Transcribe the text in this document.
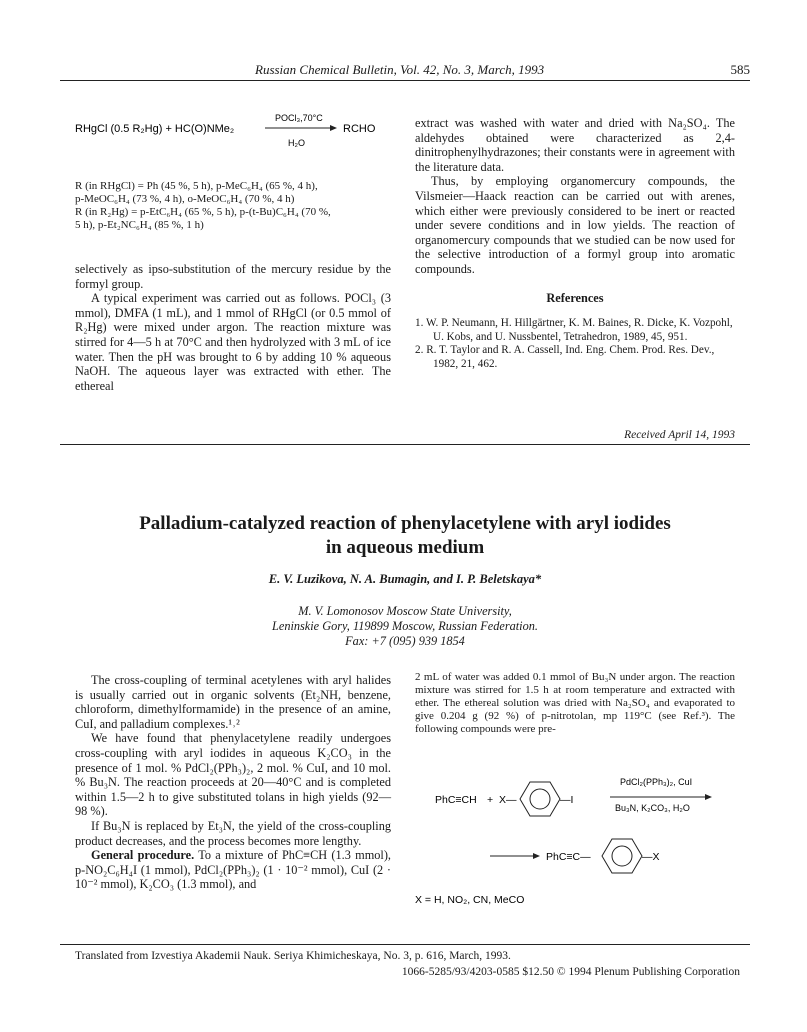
Russian Chemical Bulletin, Vol. 42, No. 3, March, 1993	585
RHgCl (0.5 R₂Hg) + HC(O)NMe₂
POCl₃,70°C
H₂O
RCHO
R (in RHgCl) = Ph (45 %, 5 h), p-MeC₆H₄ (65 %, 4 h),
p-MeOC₆H₄ (73 %, 4 h), o-MeOC₆H₄ (70 %, 4 h)
R (in R₂Hg) = p-EtC₆H₄ (65 %, 5 h), p-(t-Bu)C₆H₄ (70 %,
5 h), p-Et₂NC₆H₄ (85 %, 1 h)

selectively as ipso-substitution of the mercury residue by the formyl group.

A typical experiment was carried out as follows. POCl₃ (3 mmol), DMFA (1 mL), and 1 mmol of RHgCl (or 0.5 mmol of R₂Hg) were mixed under argon. The reaction mixture was stirred for 4—5 h at 70°C and then hydrolyzed with 3 mL of ice water. Then the pH was brought to 6 by adding 10 % aqueous NaOH. The aqueous layer was extracted with ether. The ethereal

extract was washed with water and dried with Na₂SO₄. The aldehydes obtained were characterized as 2,4-dinitrophenylhydrazones; their constants were in agreement with the literature data.

Thus, by employing organomercury compounds, the Vilsmeier—Haack reaction can be carried out with arenes, which either were previously considered to be inert or reacted under severe conditions and in low yields. The reaction of organomercury compounds that we studied can be now used for the selective introduction of a formyl group into aromatic compounds.

References

1. W. P. Neumann, H. Hillgärtner, K. M. Baines, R. Dicke, K. Vozpohl, U. Kobs, and U. Nussbentel, Tetrahedron, 1989, 45, 951.

2. R. T. Taylor and R. A. Cassell, Ind. Eng. Chem. Prod. Res. Dev., 1982, 21, 462.

Received April 14, 1993
Palladium-catalyzed reaction of phenylacetylene with aryl iodides
in aqueous medium
E. V. Luzikova, N. A. Bumagin, and I. P. Beletskaya*
M. V. Lomonosov Moscow State University,
Leninskie Gory, 119899 Moscow, Russian Federation.
Fax: +7 (095) 939 1854

The cross-coupling of terminal acetylenes with aryl halides is usually carried out in organic solvents (Et₂NH, benzene, chloroform, dimethylformamide) in the presence of an amine, CuI, and palladium complexes.¹˒²

We have found that phenylacetylene readily undergoes cross-coupling with aryl iodides in aqueous K₂CO₃ in the presence of 1 mol. % PdCl₂(PPh₃)₂, 2 mol. % CuI, and 10 mol. % Bu₃N. The reaction proceeds at 20—40°C and is completed within 1.5—2 h to give substituted tolans in high yields (92—98 %).

If Bu₃N is replaced by Et₃N, the yield of the cross-coupling product decreases, and the process becomes more lengthy.

General procedure. To a mixture of PhC≡CH (1.3 mmol), p-NO₂C₆H₄I (1 mmol), PdCl₂(PPh₃)₂ (1 · 10⁻² mmol), CuI (2 · 10⁻² mmol), K₂CO₃ (1.3 mmol), and

2 mL of water was added 0.1 mmol of Bu₃N under argon. The reaction mixture was stirred for 1.5 h at room temperature and extracted with ether. The ethereal solution was dried with Na₂SO₄ and evaporated to give 0.204 g (92 %) of p-nitrotolan, mp 119°C (see Ref.³). The following compounds were pre-

PhC≡CH + X—	—I
PdCl₂(PPh₃)₂, CuI
Bu₃N, K₂CO₃, H₂O
PhC≡C—	—X
X = H, NO₂, CN, MeCO
Translated from Izvestiya Akademii Nauk. Seriya Khimicheskaya, No. 3, p. 616, March, 1993.
1066-5285/93/4203-0585 $12.50 © 1994 Plenum Publishing Corporation
